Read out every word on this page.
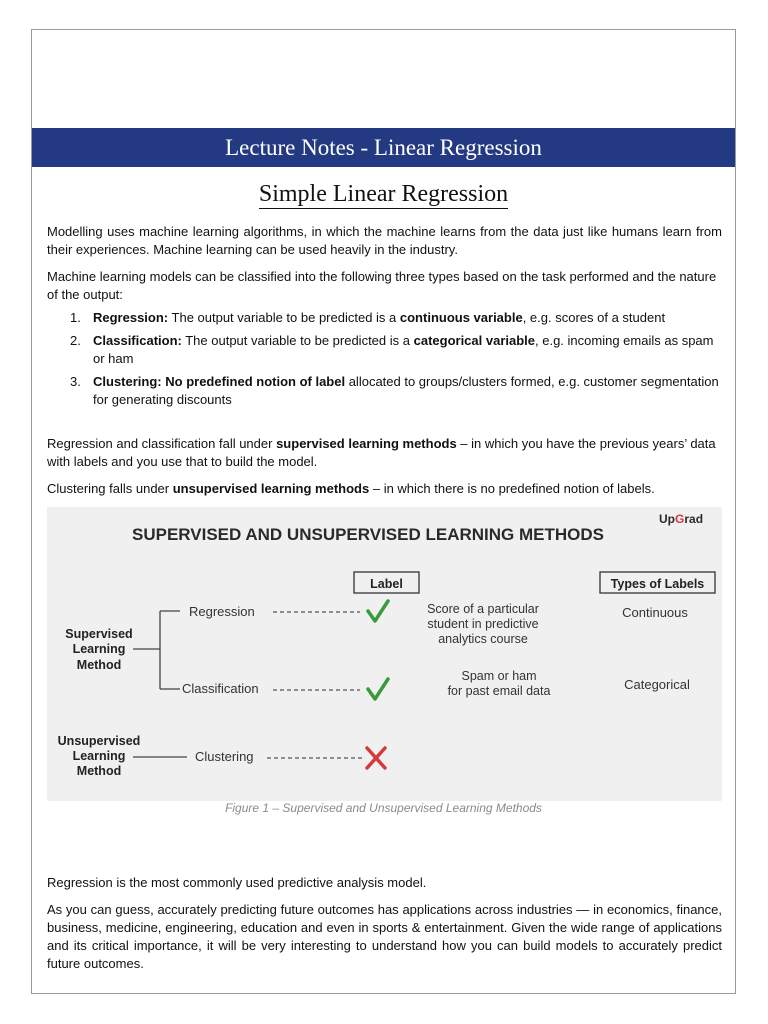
Lecture Notes - Linear Regression
Simple Linear Regression

Modelling uses machine learning algorithms, in which the machine learns from the data just like humans learn from their experiences. Machine learning can be used heavily in the industry.

Machine learning models can be classified into the following three types based on the task performed and the nature of the output:

1. Regression: The output variable to be predicted is a continuous variable, e.g. scores of a student
2. Classification: The output variable to be predicted is a categorical variable, e.g. incoming emails as spam or ham
3. Clustering: No predefined notion of label allocated to groups/clusters formed, e.g. customer segmentation for generating discounts

Regression and classification fall under supervised learning methods – in which you have the previous years’ data with labels and you use that to build the model.

Clustering falls under unsupervised learning methods – in which there is no predefined notion of labels.

SUPERVISED AND UNSUPERVISED LEARNING METHODS
UpGrad
Label	Types of Labels
Supervised
Learning
Method
Regression
Classification
Score of a particular
student in predictive
analytics course
Spam or ham
for past email data
Continuous
Categorical
Unsupervised
Learning
Method
Clustering
Figure 1 – Supervised and Unsupervised Learning Methods

Regression is the most commonly used predictive analysis model.

As you can guess, accurately predicting future outcomes has applications across industries — in economics, finance, business, medicine, engineering, education and even in sports & entertainment. Given the wide range of applications and its critical importance, it will be very interesting to understand how you can build models to accurately predict future outcomes.
